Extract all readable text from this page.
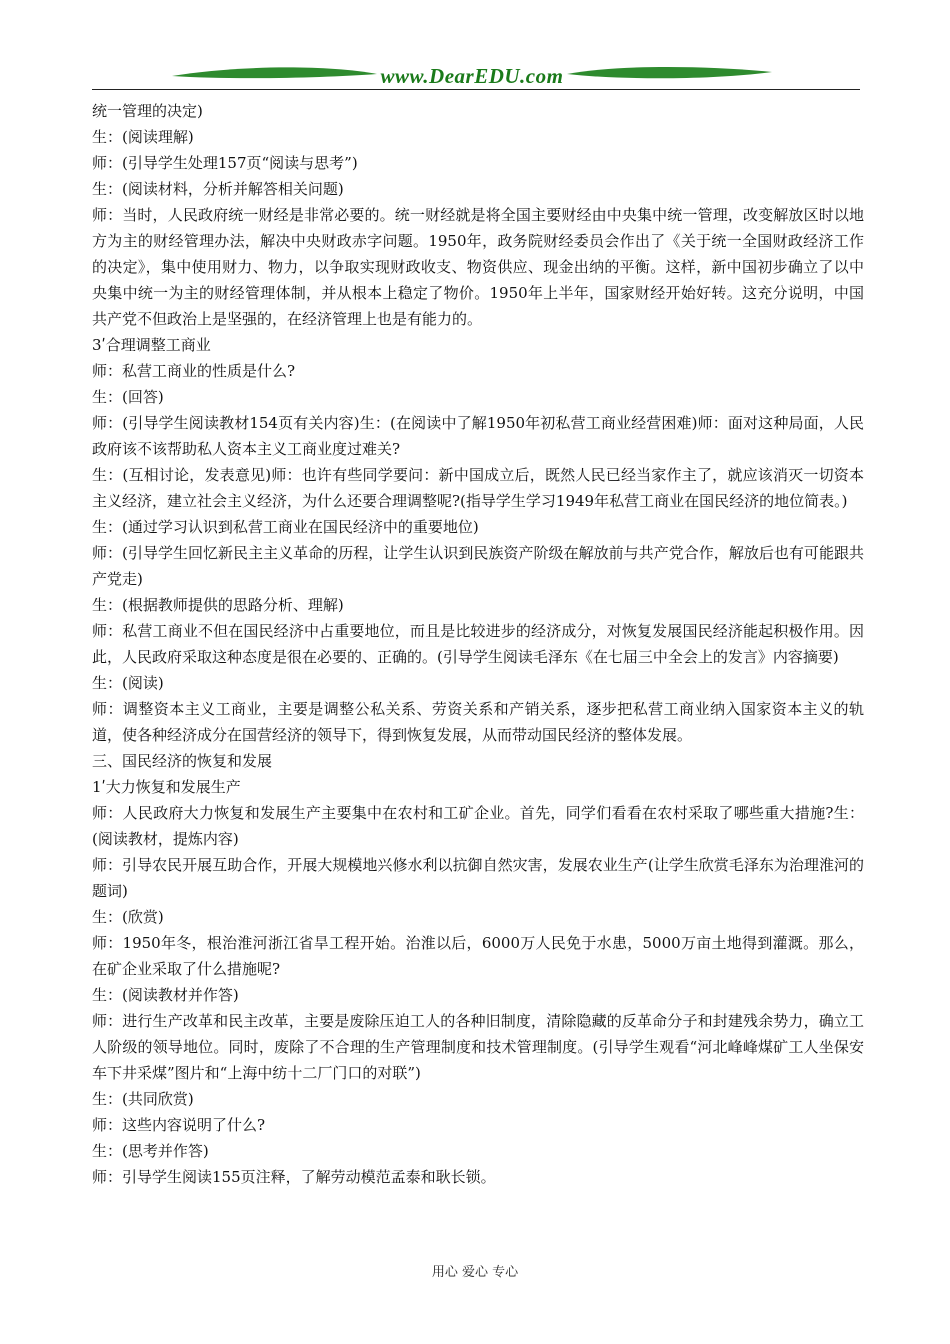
www.DearEDU.com

统一管理的决定)

生：(阅读理解)

师：(引导学生处理157页“阅读与思考”)

生：(阅读材料，分析并解答相关问题)

师：当时，人民政府统一财经是非常必要的。统一财经就是将全国主要财经由中央集中统一管理，改变解放区时以地方为主的财经管理办法，解决中央财政赤字问题。1950年，政务院财经委员会作出了《关于统一全国财政经济工作的决定》，集中使用财力、物力，以争取实现财政收支、物资供应、现金出纳的平衡。这样，新中国初步确立了以中央集中统一为主的财经管理体制，并从根本上稳定了物价。1950年上半年，国家财经开始好转。这充分说明，中国共产党不但政治上是坚强的，在经济管理上也是有能力的。

3ʹ合理调整工商业

师：私营工商业的性质是什么?

生：(回答)

师：(引导学生阅读教材154页有关内容)生：(在阅读中了解1950年初私营工商业经营困难)师：面对这种局面，人民政府该不该帮助私人资本主义工商业度过难关?

生：(互相讨论，发表意见)师：也许有些同学要问：新中国成立后，既然人民已经当家作主了，就应该消灭一切资本主义经济，建立社会主义经济，为什么还要合理调整呢?(指导学生学习1949年私营工商业在国民经济的地位简表。)

生：(通过学习认识到私营工商业在国民经济中的重要地位)

师：(引导学生回忆新民主主义革命的历程，让学生认识到民族资产阶级在解放前与共产党合作，解放后也有可能跟共产党走)

生：(根据教师提供的思路分析、理解)

师：私营工商业不但在国民经济中占重要地位，而且是比较进步的经济成分，对恢复发展国民经济能起积极作用。因此，人民政府采取这种态度是很在必要的、正确的。(引导学生阅读毛泽东《在七届三中全会上的发言》内容摘要)

生：(阅读)

师：调整资本主义工商业，主要是调整公私关系、劳资关系和产销关系，逐步把私营工商业纳入国家资本主义的轨道，使各种经济成分在国营经济的领导下，得到恢复发展，从而带动国民经济的整体发展。

三、国民经济的恢复和发展

1ʹ大力恢复和发展生产

师：人民政府大力恢复和发展生产主要集中在农村和工矿企业。首先，同学们看看在农村采取了哪些重大措施?生：(阅读教材，提炼内容)

师：引导农民开展互助合作，开展大规模地兴修水利以抗御自然灾害，发展农业生产(让学生欣赏毛泽东为治理淮河的题词)

生：(欣赏)

师：1950年冬，根治淮河浙江省旱工程开始。治淮以后，6000万人民免于水患，5000万亩土地得到灌溉。那么，在矿企业采取了什么措施呢?

生：(阅读教材并作答)

师：进行生产改革和民主改革，主要是废除压迫工人的各种旧制度，清除隐藏的反革命分子和封建残余势力，确立工人阶级的领导地位。同时，废除了不合理的生产管理制度和技术管理制度。(引导学生观看“河北峰峰煤矿工人坐保安车下井采煤”图片和“上海中纺十二厂门口的对联”)

生：(共同欣赏)

师：这些内容说明了什么?

生：(思考并作答)

师：引导学生阅读155页注释，了解劳动模范孟泰和耿长锁。

用心 爱心 专心
